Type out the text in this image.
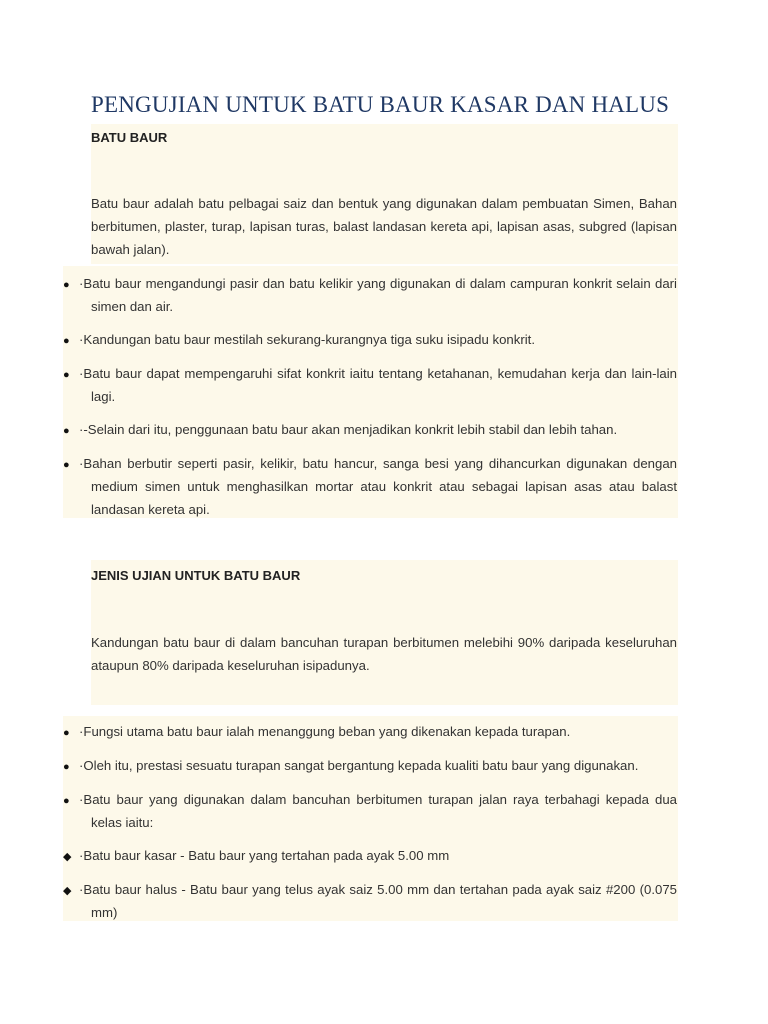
PENGUJIAN UNTUK BATU BAUR KASAR DAN HALUS
BATU BAUR

Batu baur adalah batu pelbagai saiz dan bentuk yang digunakan dalam pembuatan Simen, Bahan berbitumen, plaster, turap, lapisan turas, balast landasan kereta api, lapisan asas, subgred (lapisan bawah jalan).

● ·Batu baur mengandungi pasir dan batu kelikir yang digunakan di dalam campuran konkrit selain dari simen dan air.
● ·Kandungan batu baur mestilah sekurang-kurangnya tiga suku isipadu konkrit.
● ·Batu baur dapat mempengaruhi sifat konkrit iaitu tentang ketahanan, kemudahan kerja dan lain-lain lagi.
● ·-Selain dari itu, penggunaan batu baur akan menjadikan konkrit lebih stabil dan lebih tahan.
● ·Bahan berbutir seperti pasir, kelikir, batu hancur, sanga besi yang dihancurkan digunakan dengan medium simen untuk menghasilkan mortar atau konkrit atau sebagai lapisan asas atau balast landasan kereta api.
JENIS UJIAN UNTUK BATU BAUR

Kandungan batu baur di dalam bancuhan turapan berbitumen melebihi 90% daripada keseluruhan ataupun 80% daripada keseluruhan isipadunya.

● ·Fungsi utama batu baur ialah menanggung beban yang dikenakan kepada turapan.
● ·Oleh itu, prestasi sesuatu turapan sangat bergantung kepada kualiti batu baur yang digunakan.
● ·Batu baur yang digunakan dalam bancuhan berbitumen turapan jalan raya terbahagi kepada dua kelas iaitu:
◆ ·Batu baur kasar - Batu baur yang tertahan pada ayak 5.00 mm
◆ ·Batu baur halus - Batu baur yang telus ayak saiz 5.00 mm dan tertahan pada ayak saiz #200 (0.075 mm)
